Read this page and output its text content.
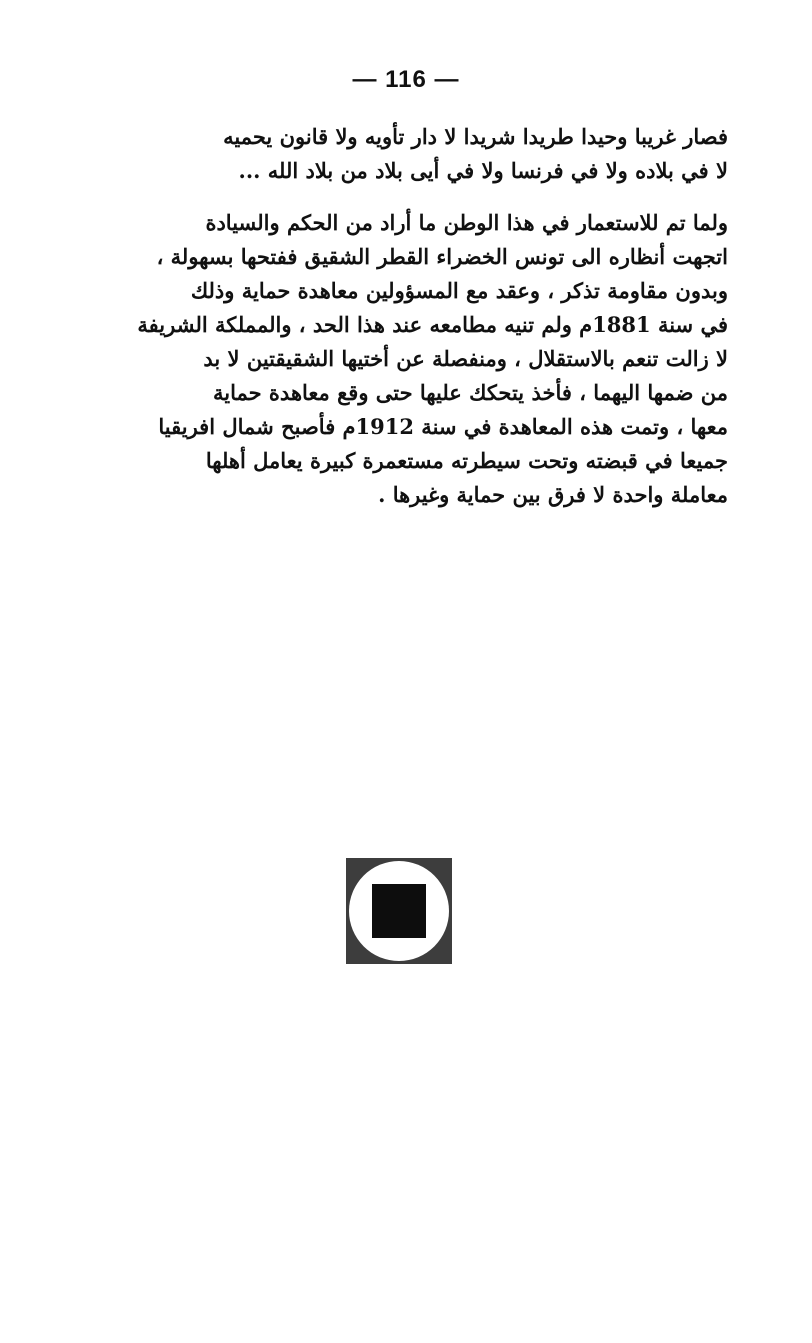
— 116 —
فصار غريبا وحيدا طريدا شريدا لا دار تأويه ولا قانون يحميه
لا في بلاده ولا في فرنسا ولا في أيى بلاد من بلاد الله ...
ولما تم للاستعمار في هذا الوطن ما أراد من الحكم والسيادة
اتجهت أنظاره الى تونس الخضراء القطر الشقيق ففتحها بسهولة ،
وبدون مقاومة تذكر ، وعقد مع المسؤولين معاهدة حماية وذلك
في سنة 1881م ولم تنيه مطامعه عند هذا الحد ، والمملكة الشريفة
لا زالت تنعم بالاستقلال ، ومنفصلة عن أختيها الشقيقتين لا بد
من ضمها اليهما ، فأخذ يتحكك عليها حتى وقع معاهدة حماية
معها ، وتمت هذه المعاهدة في سنة 1912م فأصبح شمال افريقيا
جميعا في قبضته وتحت سيطرته مستعمرة كبيرة يعامل أهلها
معاملة واحدة لا فرق بين حماية وغيرها .
